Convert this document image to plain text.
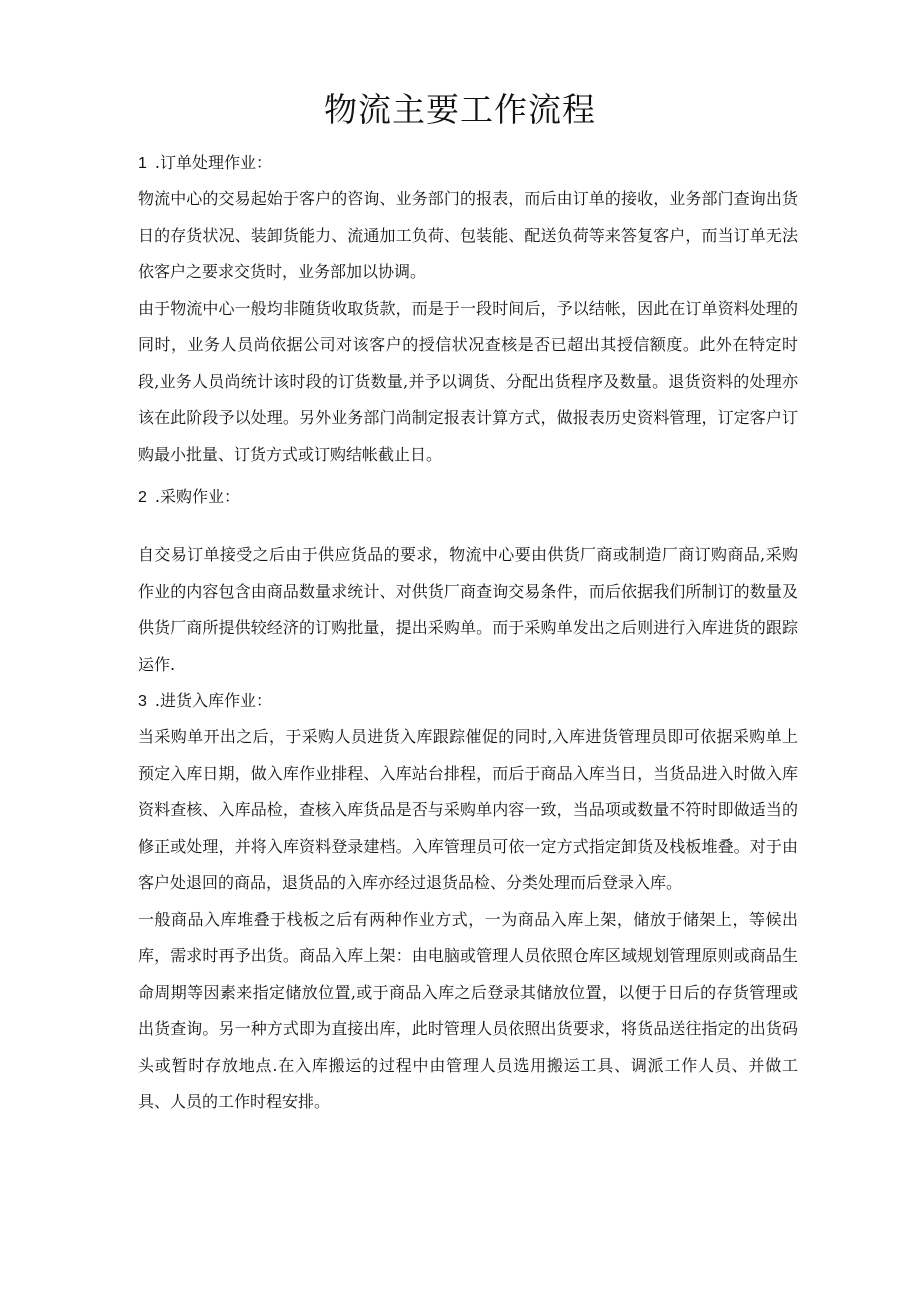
物流主要工作流程

1 .订单处理作业：

物流中心的交易起始于客户的咨询、业务部门的报表，而后由订单的接收，业务部门查询出货日的存货状况、装卸货能力、流通加工负荷、包装能、配送负荷等来答复客户，而当订单无法依客户之要求交货时，业务部加以协调。

由于物流中心一般均非随货收取货款，而是于一段时间后，予以结帐，因此在订单资料处理的同时，业务人员尚依据公司对该客户的授信状况查核是否已超出其授信额度。此外在特定时段,业务人员尚统计该时段的订货数量,并予以调货、分配出货程序及数量。退货资料的处理亦该在此阶段予以处理。另外业务部门尚制定报表计算方式，做报表历史资料管理，订定客户订购最小批量、订货方式或订购结帐截止日。

2 .采购作业：

自交易订单接受之后由于供应货品的要求，物流中心要由供货厂商或制造厂商订购商品,采购作业的内容包含由商品数量求统计、对供货厂商查询交易条件，而后依据我们所制订的数量及供货厂商所提供较经济的订购批量，提出采购单。而于采购单发出之后则进行入库进货的跟踪运作.

3 .进货入库作业：

当采购单开出之后，于采购人员进货入库跟踪催促的同时,入库进货管理员即可依据采购单上预定入库日期，做入库作业排程、入库站台排程，而后于商品入库当日，当货品进入时做入库资料查核、入库品检，查核入库货品是否与采购单内容一致，当品项或数量不符时即做适当的修正或处理，并将入库资料登录建档。入库管理员可依一定方式指定卸货及栈板堆叠。对于由客户处退回的商品，退货品的入库亦经过退货品检、分类处理而后登录入库。

一般商品入库堆叠于栈板之后有两种作业方式，一为商品入库上架，储放于储架上，等候出库，需求时再予出货。商品入库上架：由电脑或管理人员依照仓库区域规划管理原则或商品生命周期等因素来指定储放位置,或于商品入库之后登录其储放位置，以便于日后的存货管理或出货查询。另一种方式即为直接出库，此时管理人员依照出货要求，将货品送往指定的出货码头或暂时存放地点.在入库搬运的过程中由管理人员选用搬运工具、调派工作人员、并做工具、人员的工作时程安排。
